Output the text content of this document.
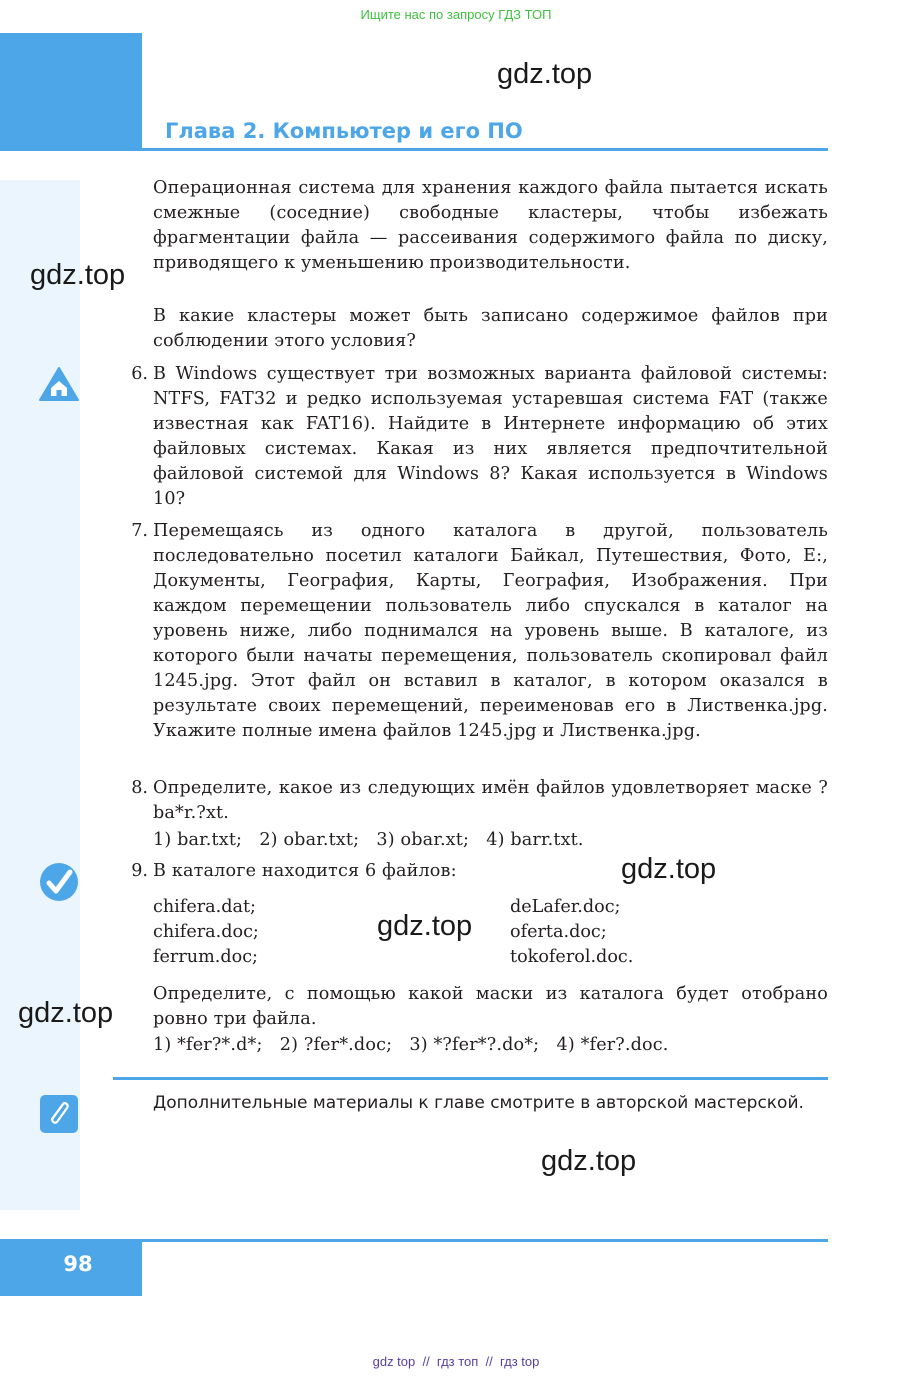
Ищите нас по запросу ГДЗ ТОП
gdz.top
Глава 2. Компьютер и его ПО
Операционная система для хранения каждого файла пытается искать смежные (соседние) свободные кластеры, чтобы избежать фрагментации файла — рассеивания содержимого файла по диску, приводящего к уменьшению производительности.
gdz.top
В какие кластеры может быть записано содержимое файлов при соблюдении этого условия?
6. В Windows существует три возможных варианта файловой системы: NTFS, FAT32 и редко используемая устаревшая система FAT (также известная как FAT16). Найдите в Интернете информацию об этих файловых системах. Какая из них является предпочтительной файловой системой для Windows 8? Какая используется в Windows 10?
7. Перемещаясь из одного каталога в другой, пользователь последовательно посетил каталоги Байкал, Путешествия, Фото, E:, Документы, География, Карты, География, Изображения. При каждом перемещении пользователь либо спускался в каталог на уровень ниже, либо поднимался на уровень выше. В каталоге, из которого были начаты перемещения, пользователь скопировал файл 1245.jpg. Этот файл он вставил в каталог, в котором оказался в результате своих перемещений, переименовав его в Лиственка.jpg. Укажите полные имена файлов 1245.jpg и Лиственка.jpg.
8. Определите, какое из следующих имён файлов удовлетворяет маске ?ba*r.?xt.
1) bar.txt;   2) obar.txt;   3) obar.xt;   4) barr.txt.
9. В каталоге находится 6 файлов:	gdz.top
chifera.dat;
chifera.doc;
ferrum.doc;
gdz.top
deLafer.doc;
oferta.doc;
tokoferol.doc.
Определите, с помощью какой маски из каталога будет отобрано ровно три файла.
gdz.top
1) *fer?*.d*;   2) ?fer*.doc;   3) *?fer*?.do*;   4) *fer?.doc.
Дополнительные материалы к главе смотрите в авторской мастерской.
gdz.top
98
gdz top  //  гдз топ  //  гдз top
